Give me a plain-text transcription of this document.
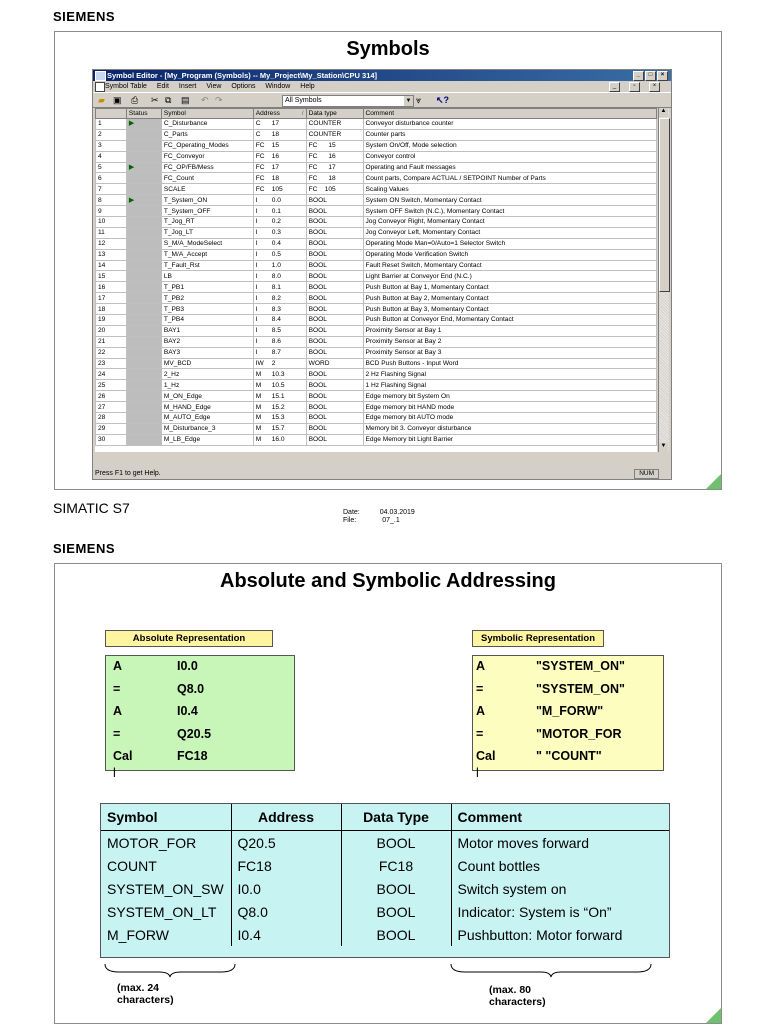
SIEMENS
Symbols
Symbol Editor - [My_Program (Symbols) -- My_Project\My_Station\CPU 314]	_	□	×
Symbol Table Edit Insert View Options Window Help	_	▫	×
▰ ▣ ⎙ ✂ ⧉ ▤ ↶ ↷	All Symbols	▼ ⩔ ↖?
	Status	Symbol	Address /	Data type	Comment
1	▶	C_Disturbance	C 17	COUNTER	Conveyor disturbance counter
2		C_Parts	C 18	COUNTER	Counter parts
3		FC_Operating_Modes	FC 15	FC      15	System On/Off, Mode selection
4		FC_Conveyor	FC 16	FC      16	Conveyor control
5	▶	FC_OP/FB/Mess	FC 17	FC      17	Operating and Fault messages
6		FC_Count	FC 18	FC      18	Count parts, Compare ACTUAL / SETPOINT Number of Parts
7		SCALE	FC 105	FC    105	Scaling Values
8	▶	T_System_ON	I 0.0	BOOL	System ON Switch, Momentary Contact
9		T_System_OFF	I 0.1	BOOL	System OFF Switch (N.C.), Momentary Contact
10		T_Jog_RT	I 0.2	BOOL	Jog Conveyor Right, Momentary Contact
11		T_Jog_LT	I 0.3	BOOL	Jog Conveyor Left, Momentary Contact
12		S_M/A_ModeSelect	I 0.4	BOOL	Operating Mode Man=0/Auto=1 Selector Switch
13		T_M/A_Accept	I 0.5	BOOL	Operating Mode Verification Switch
14		T_Fault_Rst	I 1.0	BOOL	Fault Reset Switch, Momentary Contact
15		LB	I 8.0	BOOL	Light Barrier at Conveyor End (N.C.)
16		T_PB1	I 8.1	BOOL	Push Button at Bay 1, Momentary Contact
17		T_PB2	I 8.2	BOOL	Push Button at Bay 2, Momentary Contact
18		T_PB3	I 8.3	BOOL	Push Button at Bay 3, Momentary Contact
19		T_PB4	I 8.4	BOOL	Push Button at Conveyor End, Momentary Contact
20		BAY1	I 8.5	BOOL	Proximity Sensor at Bay 1
21		BAY2	I 8.6	BOOL	Proximity Sensor at Bay 2
22		BAY3	I 8.7	BOOL	Proximity Sensor at Bay 3
23		MV_BCD	IW 2	WORD	BCD Push Buttons - Input Word
24		2_Hz	M 10.3	BOOL	2 Hz Flashing Signal
25		1_Hz	M 10.5	BOOL	1 Hz Flashing Signal
26		M_ON_Edge	M 15.1	BOOL	Edge memory bit System On
27		M_HAND_Edge	M 15.2	BOOL	Edge memory bit HAND mode
28		M_AUTO_Edge	M 15.3	BOOL	Edge memory bit AUTO mode
29		M_Disturbance_3	M 15.7	BOOL	Memory bit 3. Conveyor disturbance
30		M_LB_Edge	M 16.0	BOOL	Edge Memory bit Light Barrier
▲
▼
Press F1 to get Help.	NUM
SIMATIC S7	Date:	04.03.2019
File:	07_.1
SIEMENS
Absolute and Symbolic Addressing
Absolute Representation
A	I0.0
=	Q8.0
A	I0.4
=	Q20.5
Cal	FC18
l
Symbolic Representation
A	"SYSTEM_ON"
=	"SYSTEM_ON"
A	"M_FORW"
=	"MOTOR_FOR
Cal	" "COUNT"
l
Symbol	Address	Data Type	Comment
MOTOR_FOR	Q20.5	BOOL	Motor moves forward
COUNT	FC18	FC18	Count bottles
SYSTEM_ON_SW	I0.0	BOOL	Switch system on
SYSTEM_ON_LT	Q8.0	BOOL	Indicator: System is “On”
M_FORW	I0.4	BOOL	Pushbutton: Motor forward
(max. 24 characters)
(max. 80 characters)
